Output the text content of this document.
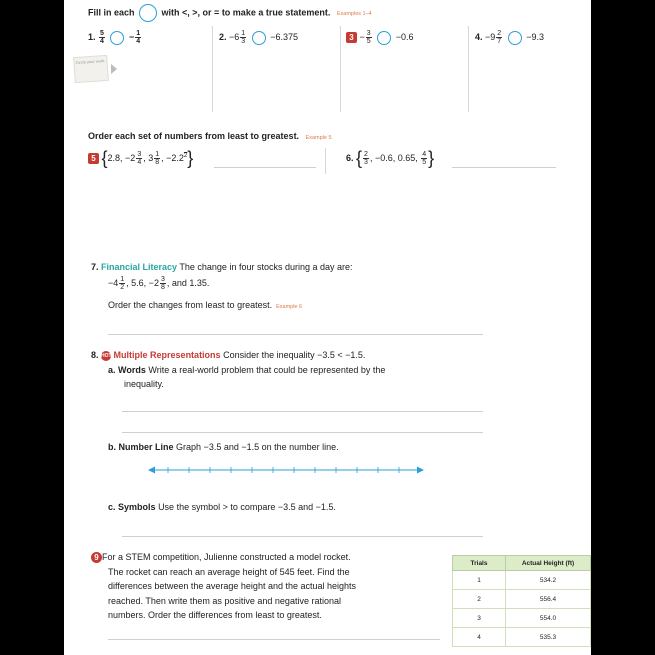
Fill in each	with <, >, or = to make a true statement. Examples 1–4
1. $\frac{5}{4}$	− $\frac{1}{4}$	2. $-6 \frac{1}{3}$	−6.375	$3 - \frac{3}{5}$	−0.6	4. $-9 \frac{2}{7}$	−9.3
Circle your work.
Order each set of numbers from least to greatest. Example 5
5 {2.8, $-2 \frac{3}{4}$ , $3 \frac{1}{8}$ , $-2.2^2$}	6. { $\frac{2}{3}$ , −0.6, 0.65, $\frac{4}{5}$ }
7. Financial Literacy The change in four stocks during a day are:
$-4 \frac{1}{2}$ , 5.6, $-2 \frac{3}{8}$ , and 1.35.
Order the changes from least to greatest. Example 6
8. HOT Multiple Representations Consider the inequality −3.5 < −1.5.
a. Words Write a real-world problem that could be represented by the
inequality.
b. Number Line Graph −3.5 and −1.5 on the number line.
c. Symbols Use the symbol > to compare −3.5 and −1.5.
9 For a STEM competition, Julienne constructed a model rocket.
The rocket can reach an average height of 545 feet. Find the
differences between the average height and the actual heights
reached. Then write them as positive and negative rational
numbers. Order the differences from least to greatest.
Trials	Actual Height (ft)
1	534.2
2	556.4
3	554.0
4	535.3
